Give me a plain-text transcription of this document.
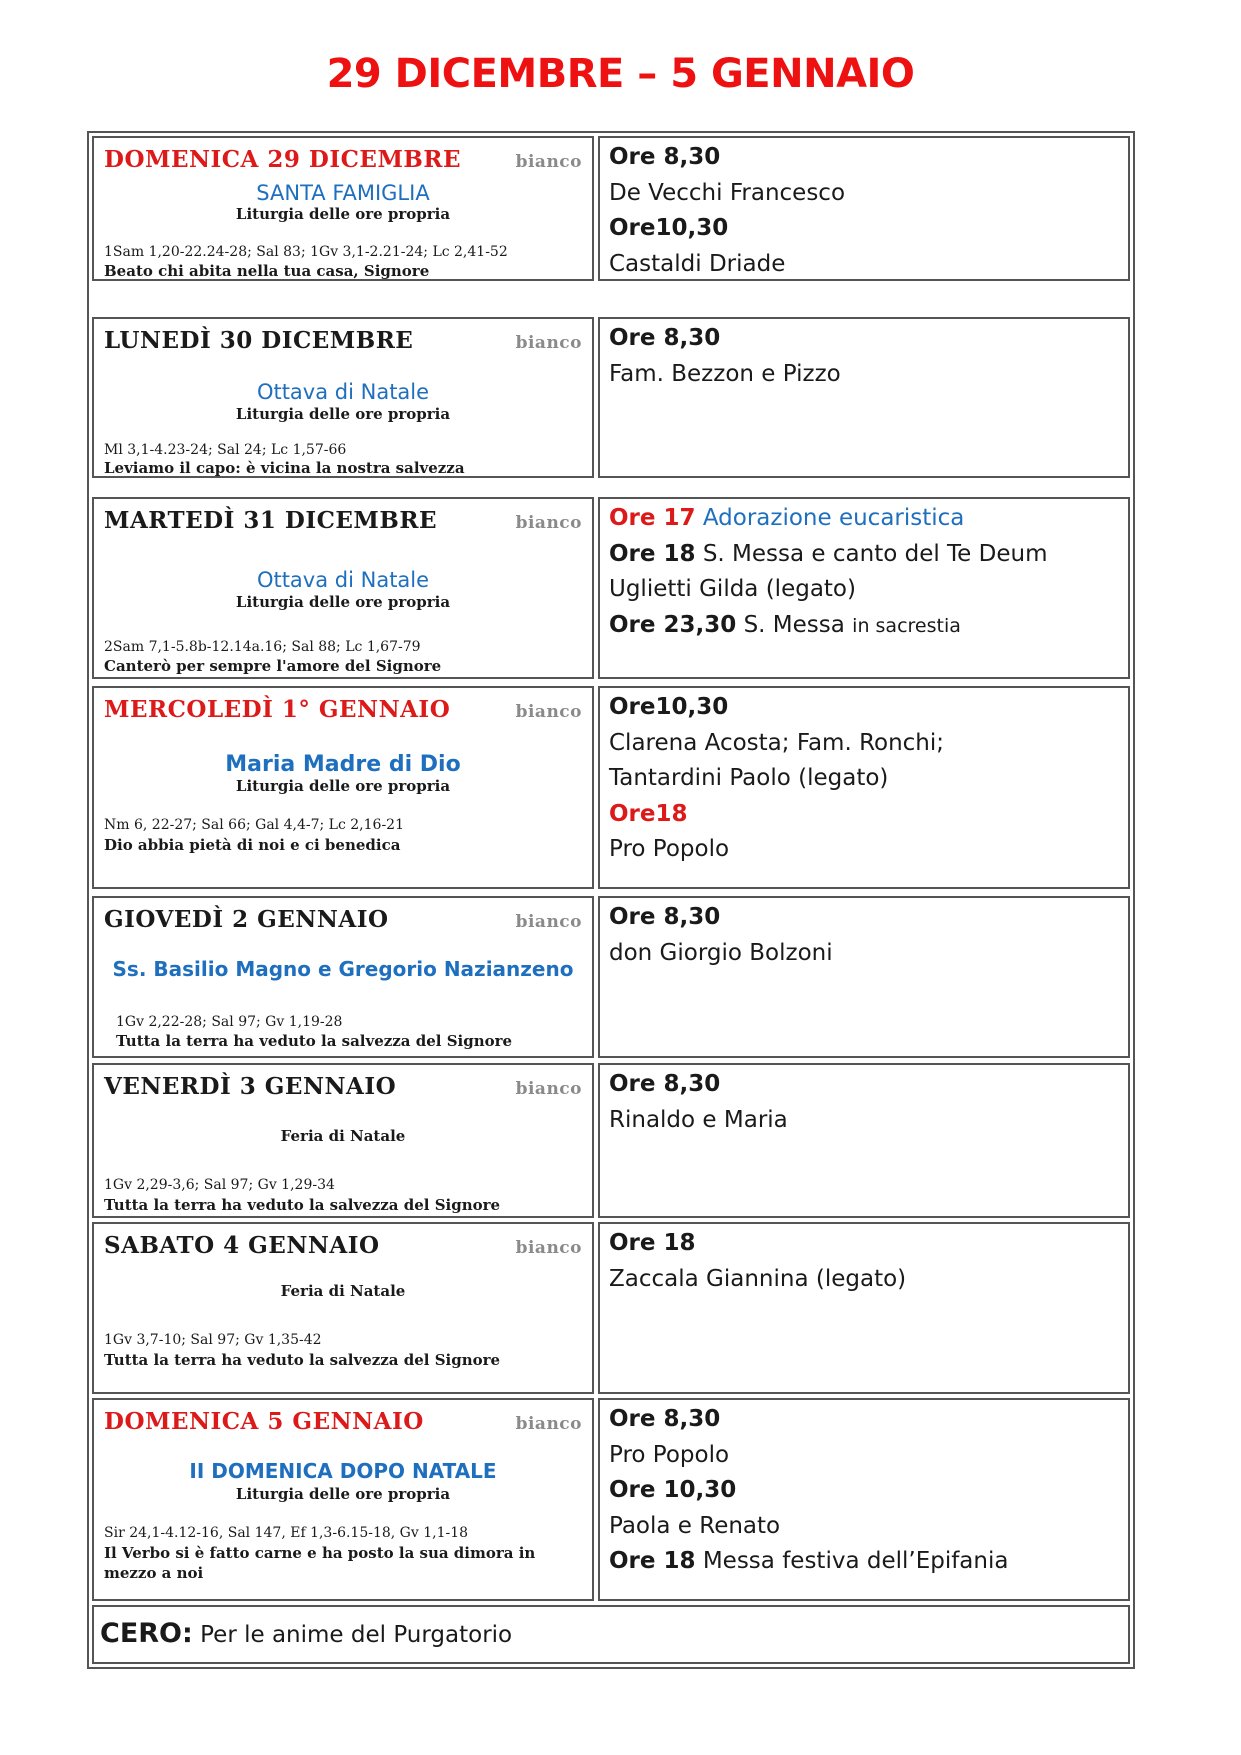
29 DICEMBRE – 5 GENNAIO
DOMENICA 29 DICEMBRE	bianco
SANTA FAMIGLIA
Liturgia delle ore propria
1Sam 1,20-22.24-28; Sal 83; 1Gv 3,1-2.21-24; Lc 2,41-52
Beato chi abita nella tua casa, Signore
Ore 8,30
De Vecchi Francesco
Ore10,30
Castaldi Driade
LUNEDÌ 30 DICEMBRE	bianco
Ottava di Natale
Liturgia delle ore propria
Ml 3,1-4.23-24; Sal 24; Lc 1,57-66
Leviamo il capo: è vicina la nostra salvezza
Ore 8,30
Fam. Bezzon e Pizzo
MARTEDÌ 31 DICEMBRE	bianco
Ottava di Natale
Liturgia delle ore propria
2Sam 7,1-5.8b-12.14a.16; Sal 88; Lc 1,67-79
Canterò per sempre l'amore del Signore
Ore 17 Adorazione eucaristica
Ore 18 S. Messa e canto del Te Deum
Uglietti Gilda (legato)
Ore 23,30 S. Messa in sacrestia
MERCOLEDÌ 1° GENNAIO	bianco
Maria Madre di Dio
Liturgia delle ore propria
Nm 6, 22-27; Sal 66; Gal 4,4-7; Lc 2,16-21
Dio abbia pietà di noi e ci benedica
Ore10,30
Clarena Acosta; Fam. Ronchi;
Tantardini Paolo (legato)
Ore18
Pro Popolo
GIOVEDÌ 2 GENNAIO	bianco
Ss. Basilio Magno e Gregorio Nazianzeno
1Gv 2,22-28; Sal 97; Gv 1,19-28
Tutta la terra ha veduto la salvezza del Signore
Ore 8,30
don Giorgio Bolzoni
VENERDÌ 3 GENNAIO	bianco
Feria di Natale
1Gv 2,29-3,6; Sal 97; Gv 1,29-34
Tutta la terra ha veduto la salvezza del Signore
Ore 8,30
Rinaldo e Maria
SABATO 4 GENNAIO	bianco
Feria di Natale
1Gv 3,7-10; Sal 97; Gv 1,35-42
Tutta la terra ha veduto la salvezza del Signore
Ore 18
Zaccala Giannina (legato)
DOMENICA 5 GENNAIO	bianco
II DOMENICA DOPO NATALE
Liturgia delle ore propria
Sir 24,1-4.12-16, Sal 147, Ef 1,3-6.15-18, Gv 1,1-18
Il Verbo si è fatto carne e ha posto la sua dimora in mezzo a noi
Ore 8,30
Pro Popolo
Ore 10,30
Paola e Renato
Ore 18 Messa festiva dell’Epifania
CERO: Per le anime del Purgatorio
